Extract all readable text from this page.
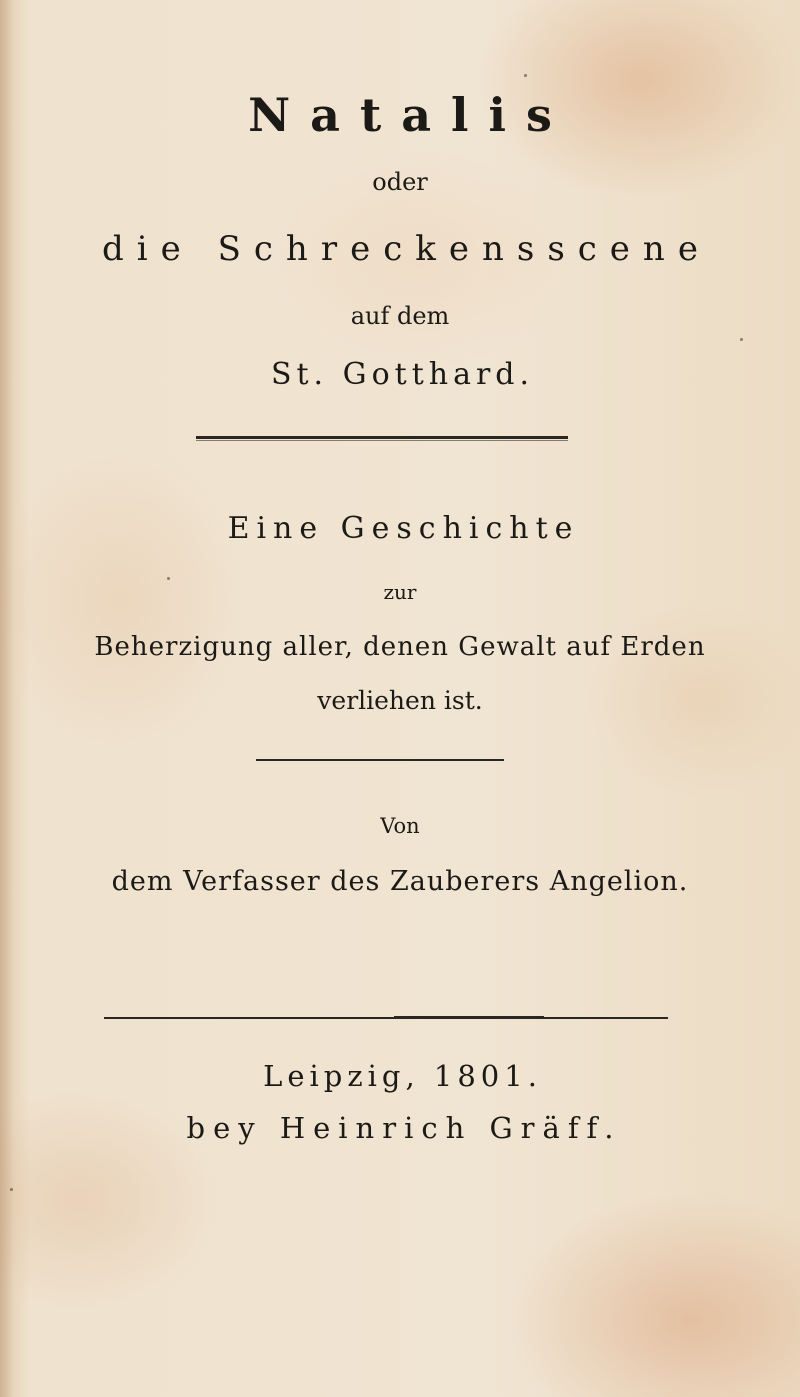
Natalis
oder
die Schreckensscene
auf dem
St. Gotthard.
Eine Geschichte
zur
Beherzigung aller, denen Gewalt auf Erden
verliehen ist.
Von
dem Verfasser des Zauberers Angelion.
Leipzig, 1801.
bey Heinrich Gräff.
